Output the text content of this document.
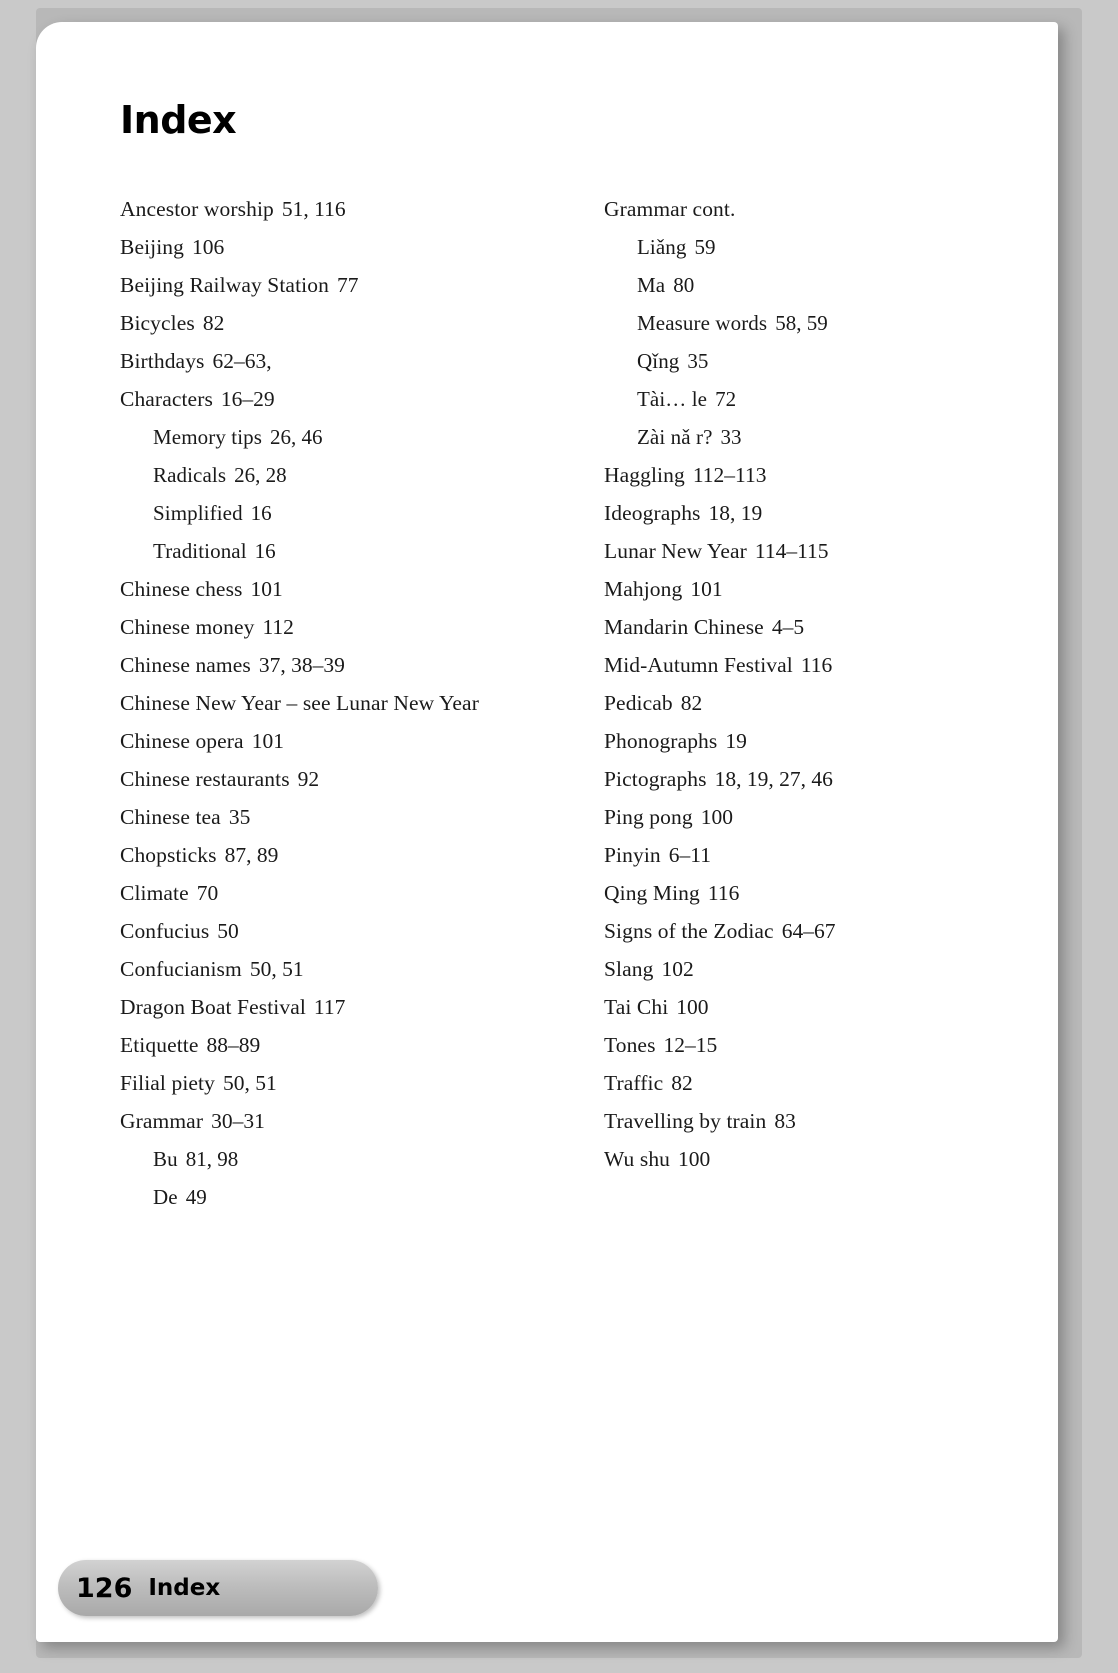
Index
Ancestor worship 51, 116
Beijing 106
Beijing Railway Station 77
Bicycles 82
Birthdays 62–63,
Characters 16–29
Memory tips 26, 46
Radicals 26, 28
Simplified 16
Traditional 16
Chinese chess 101
Chinese money 112
Chinese names 37, 38–39
Chinese New Year – see Lunar New Year
Chinese opera 101
Chinese restaurants 92
Chinese tea 35
Chopsticks 87, 89
Climate 70
Confucius 50
Confucianism 50, 51
Dragon Boat Festival 117
Etiquette 88–89
Filial piety 50, 51
Grammar 30–31
Bu 81, 98
De 49
Grammar cont.
Liǎng 59
Ma 80
Measure words 58, 59
Qǐng 35
Tài… le 72
Zài nǎ r? 33
Haggling 112–113
Ideographs 18, 19
Lunar New Year 114–115
Mahjong 101
Mandarin Chinese 4–5
Mid-Autumn Festival 116
Pedicab 82
Phonographs 19
Pictographs 18, 19, 27, 46
Ping pong 100
Pinyin 6–11
Qing Ming 116
Signs of the Zodiac 64–67
Slang 102
Tai Chi 100
Tones 12–15
Traffic 82
Travelling by train 83
Wu shu 100
126 Index
